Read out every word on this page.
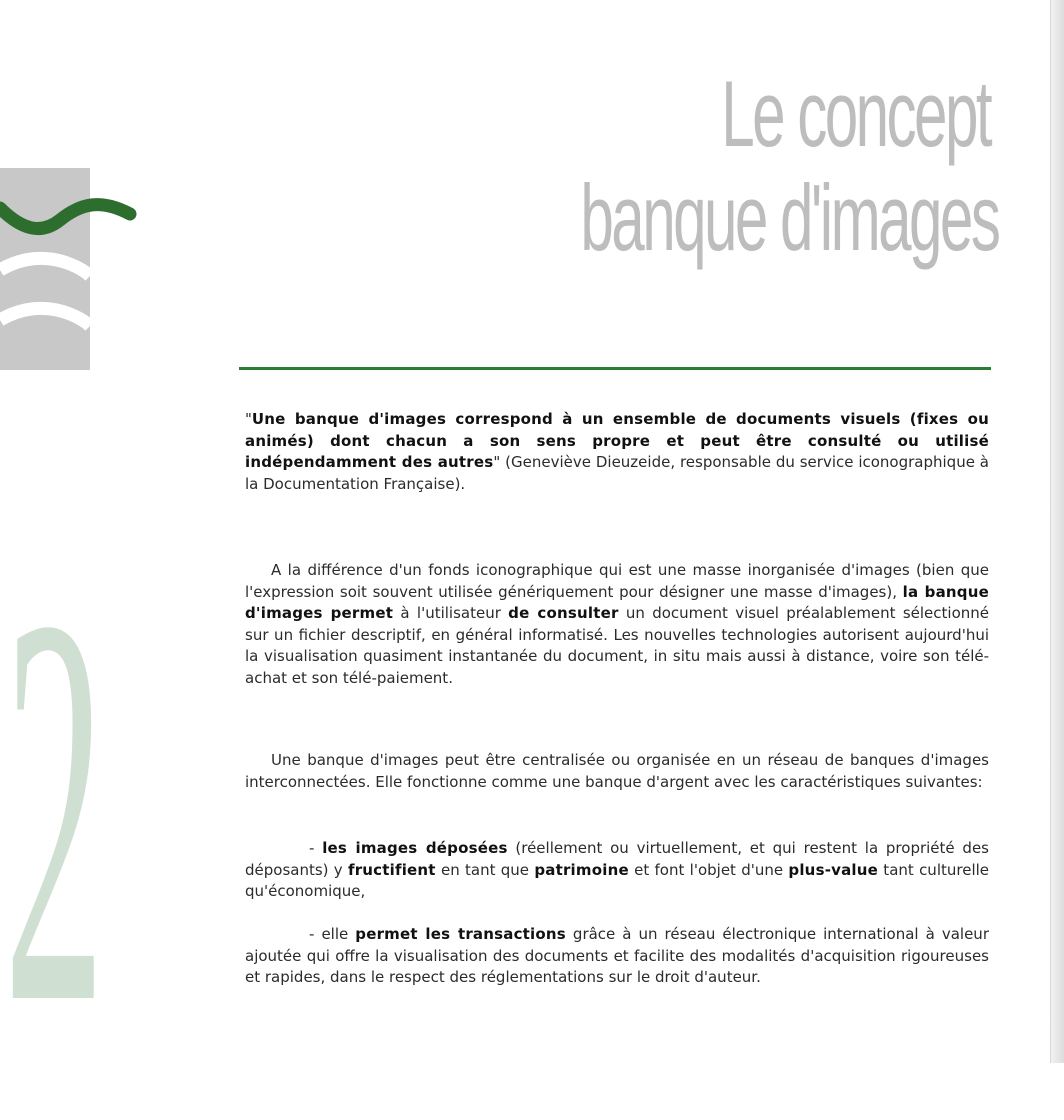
Le concept
banque d'images
2

"Une banque d'images correspond à un ensemble de documents visuels (fixes ou animés) dont chacun a son sens propre et peut être consulté ou utilisé indépendamment des autres" (Geneviève Dieuzeide, responsable du service iconographique à la Documentation Française).

A la différence d'un fonds iconographique qui est une masse inorganisée d'images (bien que l'expression soit souvent utilisée génériquement pour désigner une masse d'images), la banque d'images permet à l'utilisateur de consulter un document visuel préalablement sélectionné sur un fichier descriptif, en général informatisé. Les nouvelles technologies autorisent aujourd'hui la visualisation quasiment instantanée du document, in situ mais aussi à distance, voire son télé-achat et son télé-paiement.

Une banque d'images peut être centralisée ou organisée en un réseau de banques d'images interconnectées. Elle fonctionne comme une banque d'argent avec les caractéristiques suivantes:

- les images déposées (réellement ou virtuellement, et qui restent la propriété des déposants) y fructifient en tant que patrimoine et font l'objet d'une plus-value tant culturelle qu'économique,

- elle permet les transactions grâce à un réseau électronique international à valeur ajoutée qui offre la visualisation des documents et facilite des modalités d'acquisition rigoureuses et rapides, dans le respect des réglementations sur le droit d'auteur.
